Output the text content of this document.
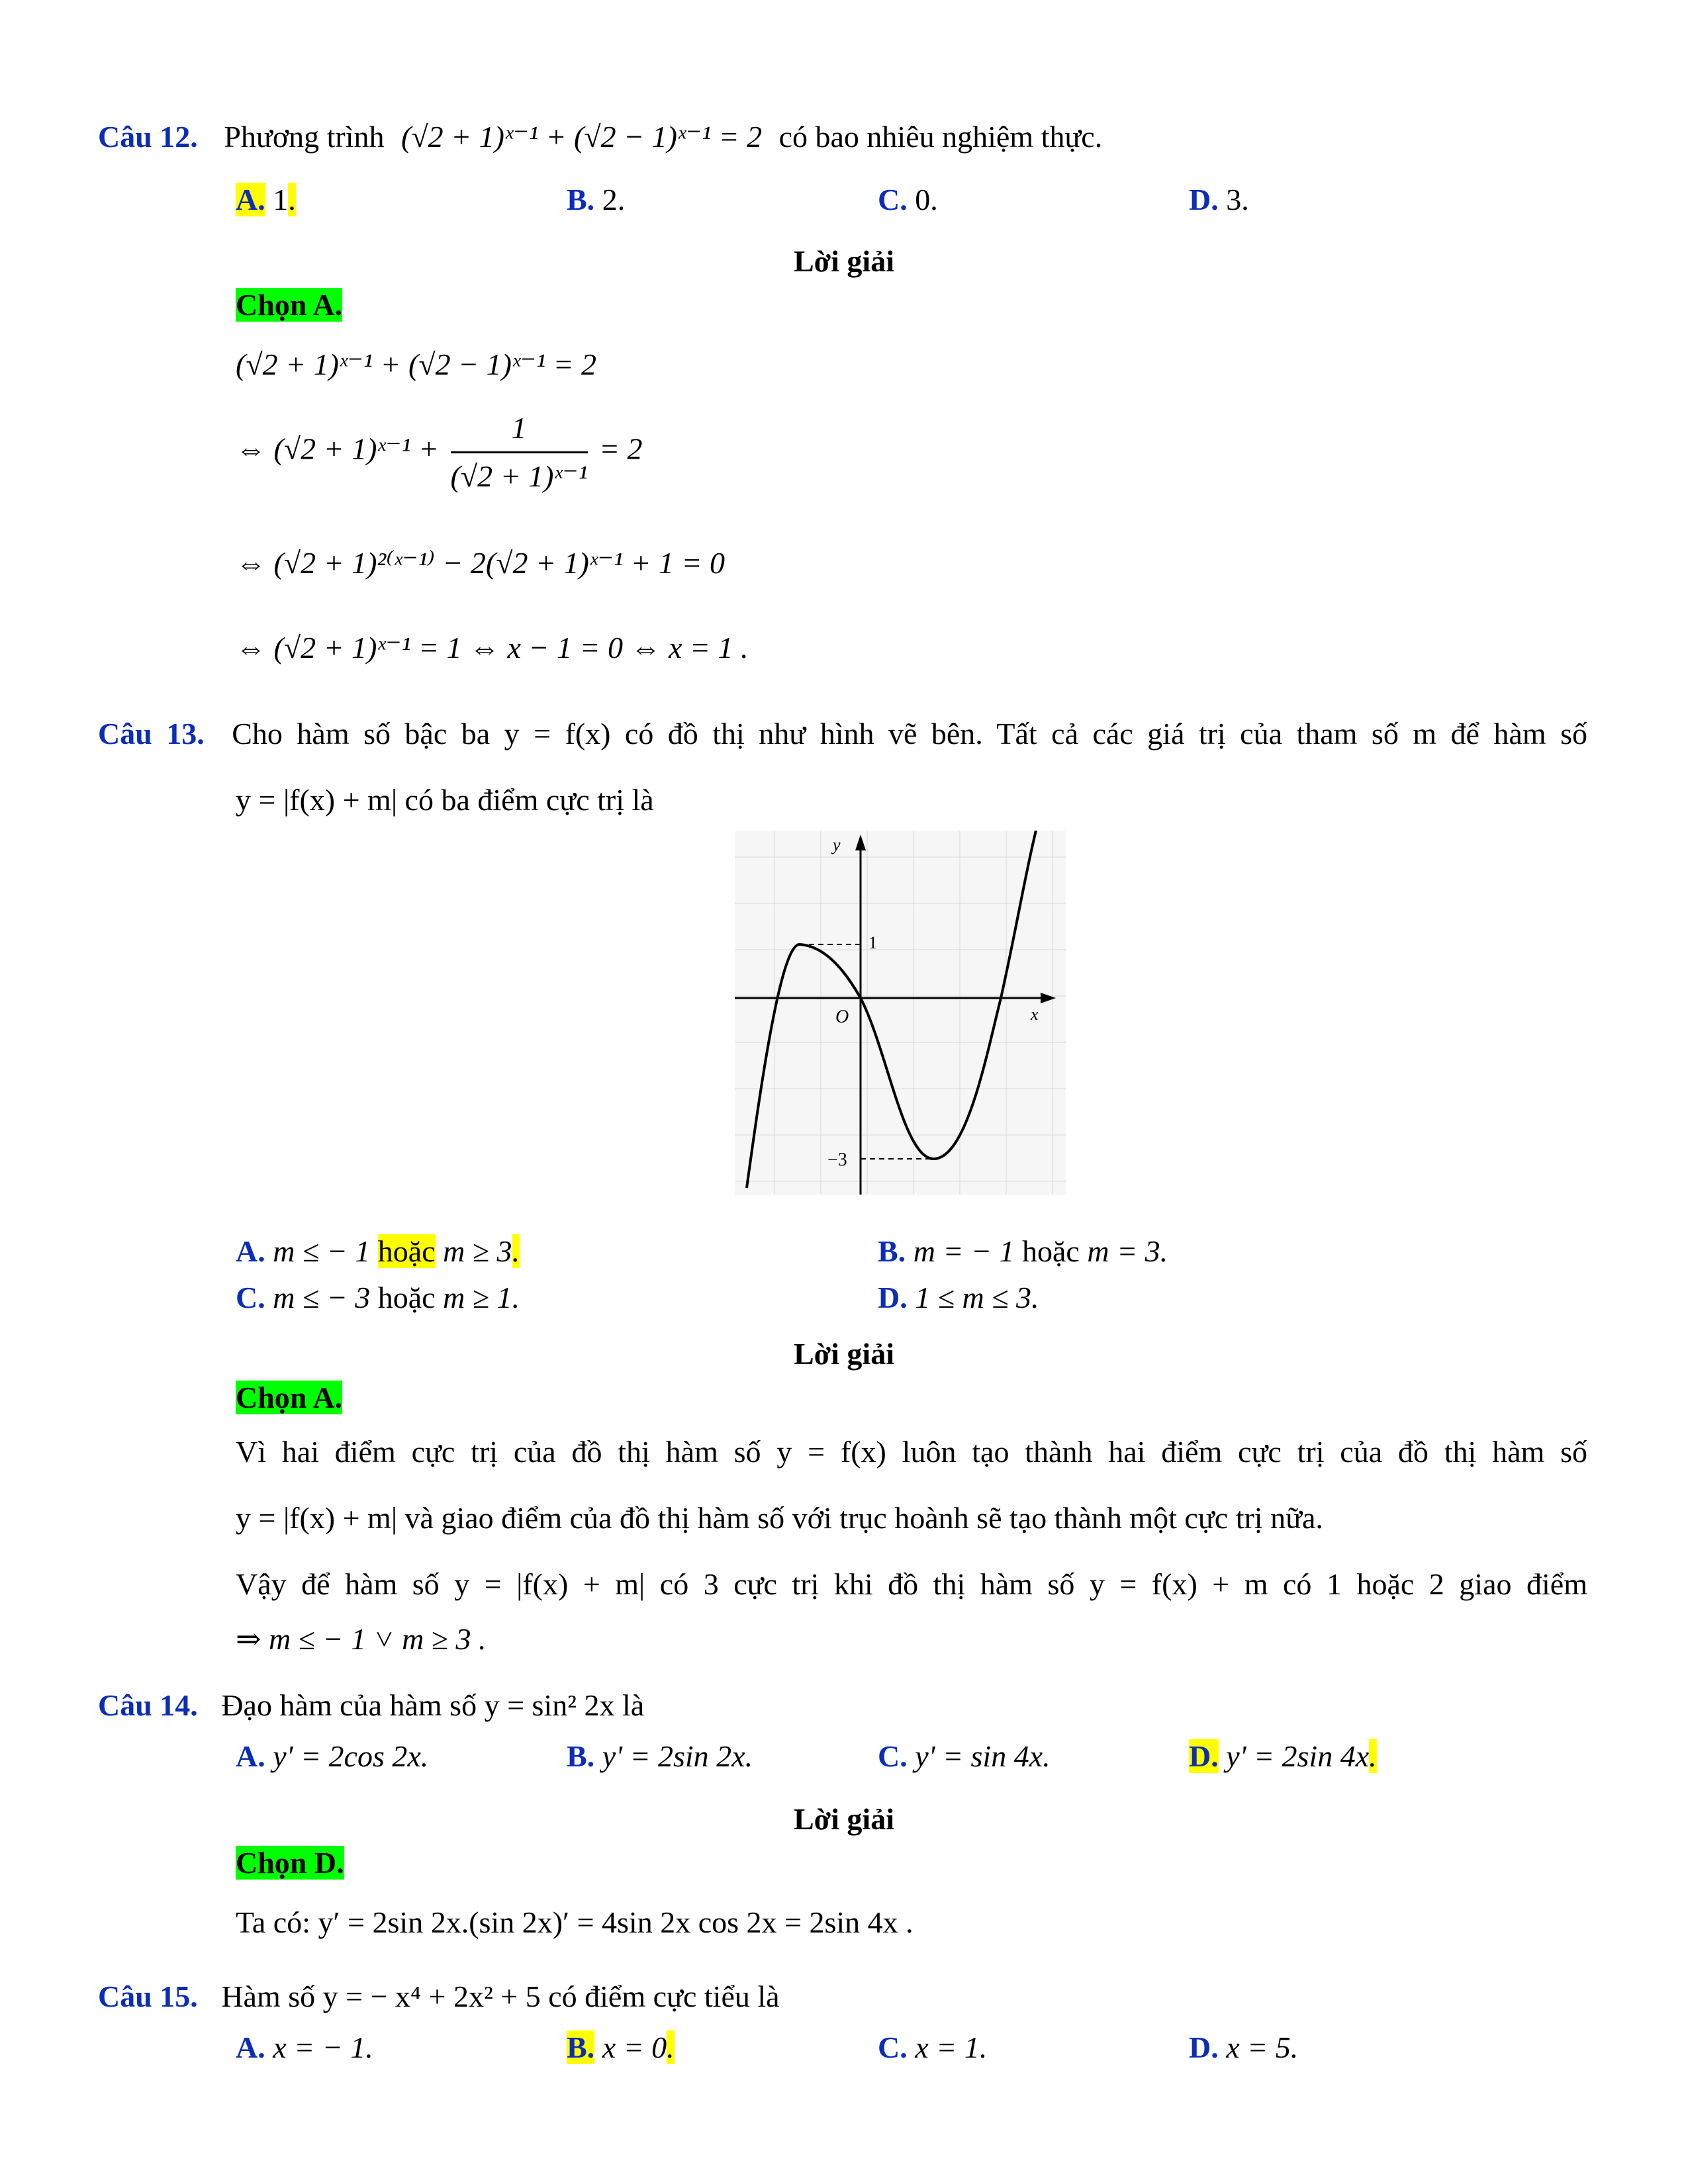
Câu 12. Phương trình (√2 + 1)ˣ⁻¹ + (√2 − 1)ˣ⁻¹ = 2 có bao nhiêu nghiệm thực.
A. 1.	B. 2.	C. 0.	D. 3.
Lời giải
Chọn A.
(√2 + 1)ˣ⁻¹ + (√2 − 1)ˣ⁻¹ = 2
⇔ (√2 + 1)ˣ⁻¹ + $\frac{1}{\text{(√2 + 1)ˣ⁻¹}} = 2$
⇔ (√2 + 1)²⁽ˣ⁻¹⁾ − 2(√2 + 1)ˣ⁻¹ + 1 = 0
⇔ (√2 + 1)ˣ⁻¹ = 1 ⇔ x − 1 = 0 ⇔ x = 1 .
Câu 13. Cho hàm số bậc ba y = f(x) có đồ thị như hình vẽ bên. Tất cả các giá trị của tham số m để hàm số
y = |f(x) + m| có ba điểm cực trị là
y
x
O
1
−3
A. m ≤ − 1 hoặc m ≥ 3.	B. m = − 1 hoặc m = 3.
C. m ≤ − 3 hoặc m ≥ 1.	D. 1 ≤ m ≤ 3.
Lời giải
Chọn A.
Vì hai điểm cực trị của đồ thị hàm số y = f(x) luôn tạo thành hai điểm cực trị của đồ thị hàm số
y = |f(x) + m| và giao điểm của đồ thị hàm số với trục hoành sẽ tạo thành một cực trị nữa.
Vậy để hàm số y = |f(x) + m| có 3 cực trị khi đồ thị hàm số y = f(x) + m có 1 hoặc 2 giao điểm
⇒ m ≤ − 1 ˅ m ≥ 3 .
Câu 14. Đạo hàm của hàm số y = sin² 2x là
A. y' = 2cos 2x.	B. y' = 2sin 2x.	C. y' = sin 4x.	D. y' = 2sin 4x.
Lời giải
Chọn D.
Ta có: y′ = 2sin 2x.(sin 2x)′ = 4sin 2x cos 2x = 2sin 4x .
Câu 15. Hàm số y = − x⁴ + 2x² + 5 có điểm cực tiểu là
A. x = − 1.	B. x = 0.	C. x = 1.	D. x = 5.
